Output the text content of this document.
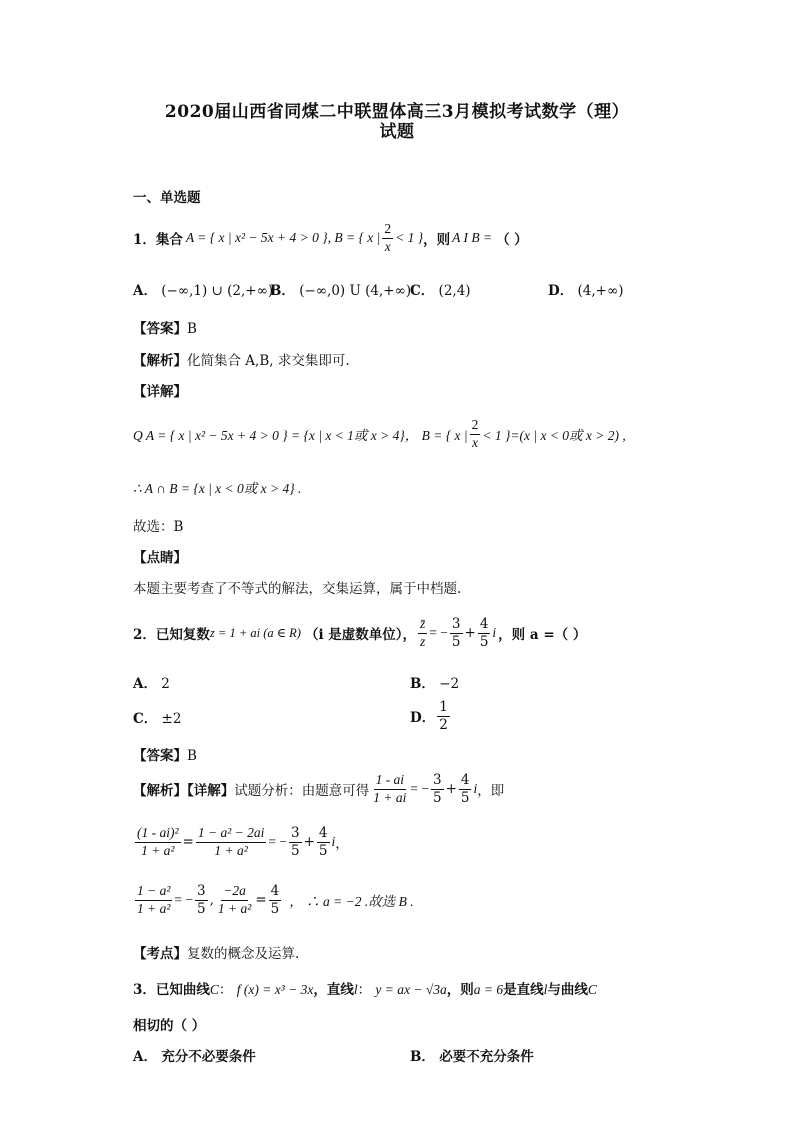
2020届山西省同煤二中联盟体高三3月模拟考试数学（理）
试题
一、单选题
1．集合 A = { x | x² − 5x + 4 > 0 } , B = { x | $\frac{2}{x} < 1$ } ，则 A I B = （ ）
A． (−∞,1) ∪ (2,+∞)
B． (−∞,0) U (4,+∞)
C． (2,4)	D． (4,+∞)
【答案】B
【解析】化简集合 A,B, 求交集即可.
【详解】
Q A = { x | x² − 5x + 4 > 0 } = {x | x < 1或 x > 4} ， B = { x | $\frac{2}{x} < 1$ }=(x | x < 0或 x > 2) ,
∴ A ∩ B = {x | x < 0或 x > 4} .
故选：B
【点睛】
本题主要考查了不等式的解法，交集运算，属于中档题.
2．已知复数 z = 1 + ai (a ∈ R) （i 是虚数单位）， $\frac{z̄}{z}$ = − $\frac{3}{5} + \frac{4}{5}$ i ，则 a =（ ）
A． 2	B． −2
C． ±2	D． $\frac{1}{2}$
【答案】B
【解析】【详解】 试题分析：由题意可得 $\frac{1 - ai}{1 + ai}$ = − $\frac{3}{5} + \frac{4}{5}$ i ，即
$\frac{\text{(1 - ai)²}}{\text{1 + a²}} = \frac{\text{1 − a² − 2ai}}{\text{1 + a²}}$ = − $\frac{3}{5} + \frac{4}{5}$ i ，
$\frac{\text{1 − a²}}{\text{1 + a²}}$ = − $\frac{3}{5}$ , $\frac{-2a}{\text{1 + a²}} = \frac{4}{5}$ ， ∴ a = −2 .故选 B .
【考点】复数的概念及运算.
3．已知曲线C： f (x) = x³ − 3x，直线l： y = ax − √3a，则a = 6是直线l与曲线C
相切的（ ）
A． 充分不必要条件	B． 必要不充分条件
